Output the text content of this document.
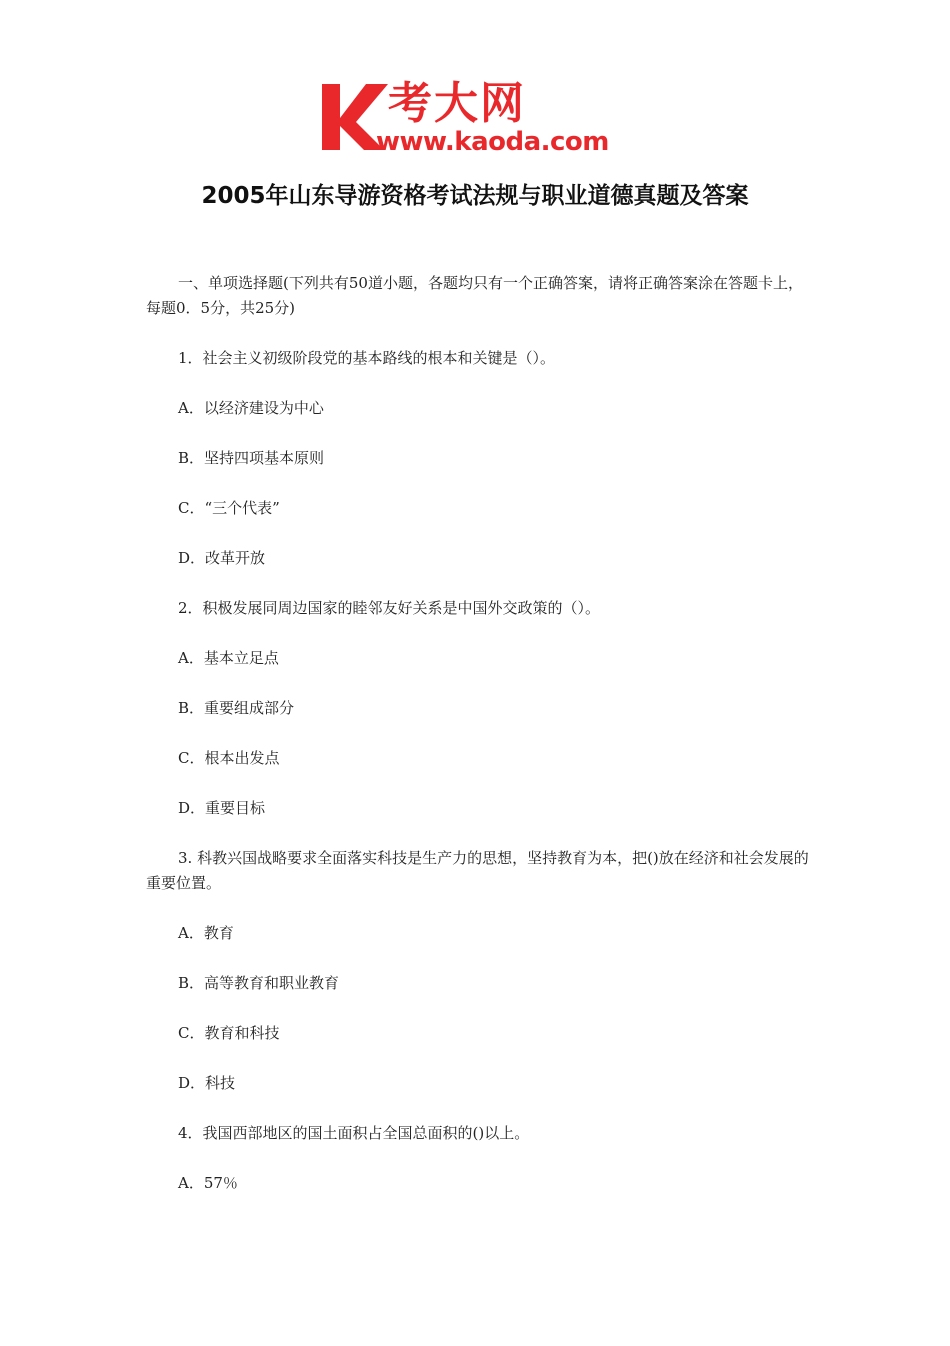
考大网
www.kaoda.com
2005年山东导游资格考试法规与职业道德真题及答案

一、单项选择题(下列共有50道小题，各题均只有一个正确答案，请将正确答案涂在答题卡上，每题0．5分，共25分)

1．社会主义初级阶段党的基本路线的根本和关键是（）。

A．以经济建设为中心

B．坚持四项基本原则

C．“三个代表”

D．改革开放

2．积极发展同周边国家的睦邻友好关系是中国外交政策的（）。

A．基本立足点

B．重要组成部分

C．根本出发点

D．重要目标

3. 科教兴国战略要求全面落实科技是生产力的思想，坚持教育为本，把()放在经济和社会发展的重要位置。

A．教育

B．高等教育和职业教育

C．教育和科技

D．科技

4．我国西部地区的国土面积占全国总面积的()以上。

A．57％
